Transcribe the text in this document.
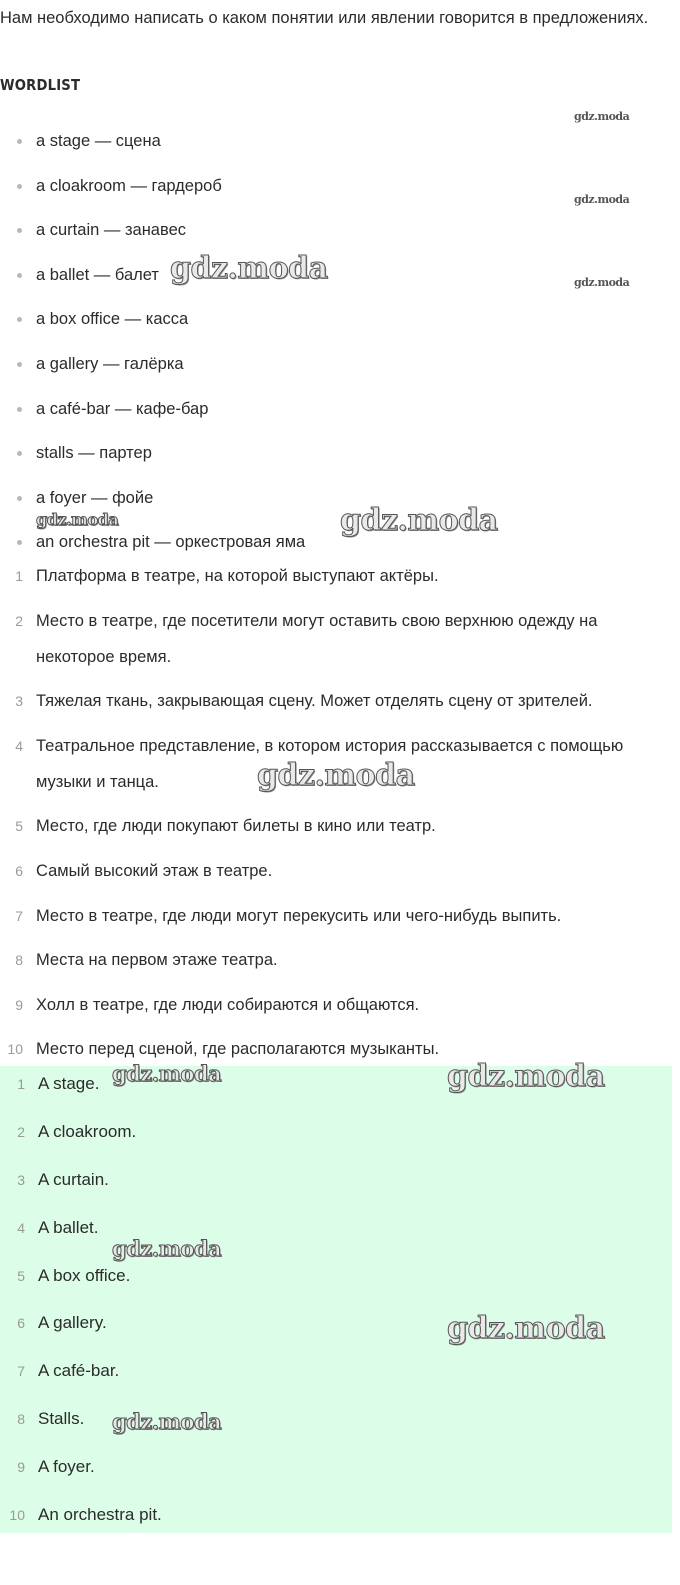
Нам необходимо написать о каком понятии или явлении говорится в предложениях.

WORDLIST
a stage — сцена
a cloakroom — гардероб
a curtain — занавес
a ballet — балет
a box office — касса
a gallery — галёрка
a café-bar — кафе-бар
stalls — партер
a foyer — фойе
an orchestra pit — оркестровая яма
1 Платформа в театре, на которой выступают актёры.
2 Место в театре, где посетители могут оставить свою верхнюю одежду на некоторое время.
3 Тяжелая ткань, закрывающая сцену. Может отделять сцену от зрителей.
4 Театральное представление, в котором история рассказывается с помощью музыки и танца.
5 Место, где люди покупают билеты в кино или театр.
6 Самый высокий этаж в театре.
7 Место в театре, где люди могут перекусить или чего-нибудь выпить.
8 Места на первом этаже театра.
9 Холл в театре, где люди собираются и общаются.
10 Место перед сценой, где располагаются музыканты.
1 A stage.
2 A cloakroom.
3 A curtain.
4 A ballet.
5 A box office.
6 A gallery.
7 A café-bar.
8 Stalls.
9 A foyer.
10 An orchestra pit.
gdz.moda
gdz.moda
gdz.moda
gdz.moda
gdz.moda	gdz.moda
gdz.moda
gdz.moda	gdz.moda
gdz.moda
gdz.moda
gdz.moda
